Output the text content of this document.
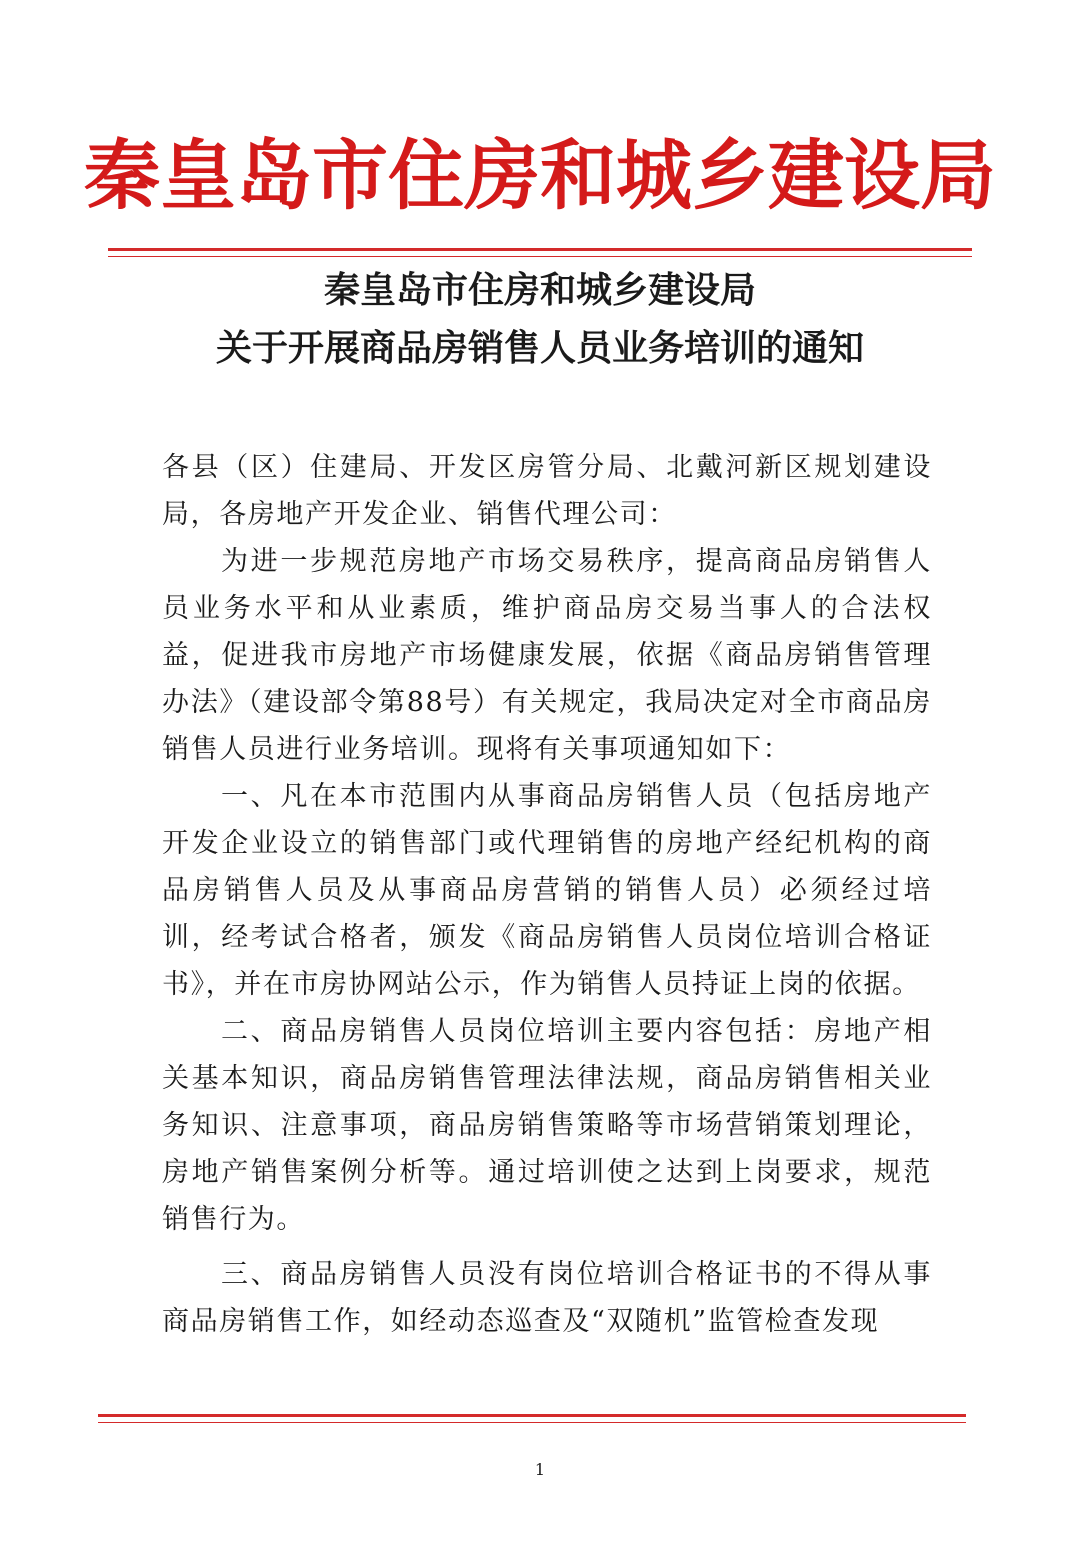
秦皇岛市住房和城乡建设局
秦皇岛市住房和城乡建设局
关于开展商品房销售人员业务培训的通知

各县（区）住建局、开发区房管分局、北戴河新区规划建设局，各房地产开发企业、销售代理公司：

为进一步规范房地产市场交易秩序，提高商品房销售人员业务水平和从业素质，维护商品房交易当事人的合法权益，促进我市房地产市场健康发展，依据《商品房销售管理办法》（建设部令第88号）有关规定，我局决定对全市商品房销售人员进行业务培训。现将有关事项通知如下：

一、凡在本市范围内从事商品房销售人员（包括房地产开发企业设立的销售部门或代理销售的房地产经纪机构的商品房销售人员及从事商品房营销的销售人员）必须经过培训，经考试合格者，颁发《商品房销售人员岗位培训合格证书》，并在市房协网站公示，作为销售人员持证上岗的依据。

二、商品房销售人员岗位培训主要内容包括：房地产相关基本知识，商品房销售管理法律法规，商品房销售相关业务知识、注意事项，商品房销售策略等市场营销策划理论，房地产销售案例分析等。通过培训使之达到上岗要求，规范销售行为。

三、商品房销售人员没有岗位培训合格证书的不得从事商品房销售工作，如经动态巡查及“双随机”监管检查发现

1
